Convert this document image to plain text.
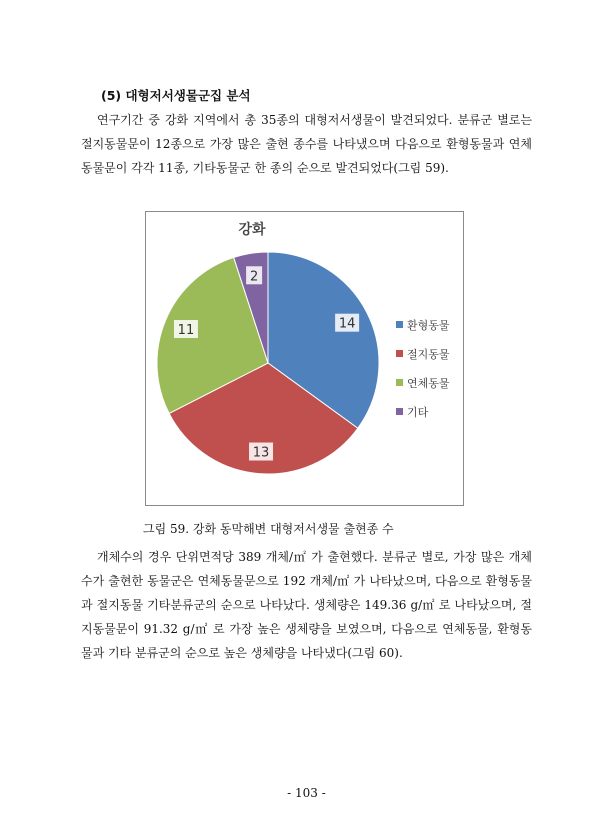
(5) 대형저서생물군집 분석

연구기간 중 강화 지역에서 총 35종의 대형저서생물이 발견되었다. 분류군 별로는 절지동물문이 12종으로 가장 많은 출현 종수를 나타냈으며 다음으로 환형동물과 연체동물문이 각각 11종, 기타동물군 한 종의 순으로 발견되었다(그림 59).

강화
14
13
11
2
환형동물
절지동물
연체동물
기타
그림 59. 강화 동막해변 대형저서생물 출현종 수

개체수의 경우 단위면적당 389 개체/㎡ 가 출현했다. 분류군 별로, 가장 많은 개체수가 출현한 동물군은 연체동물문으로 192 개체/㎡ 가 나타났으며, 다음으로 환형동물과 절지동물 기타분류군의 순으로 나타났다. 생체량은 149.36 g/㎡ 로 나타났으며, 절지동물문이 91.32 g/㎡ 로 가장 높은 생체량을 보였으며, 다음으로 연체동물, 환형동물과 기타 분류군의 순으로 높은 생체량을 나타냈다(그림 60).

- 103 -
